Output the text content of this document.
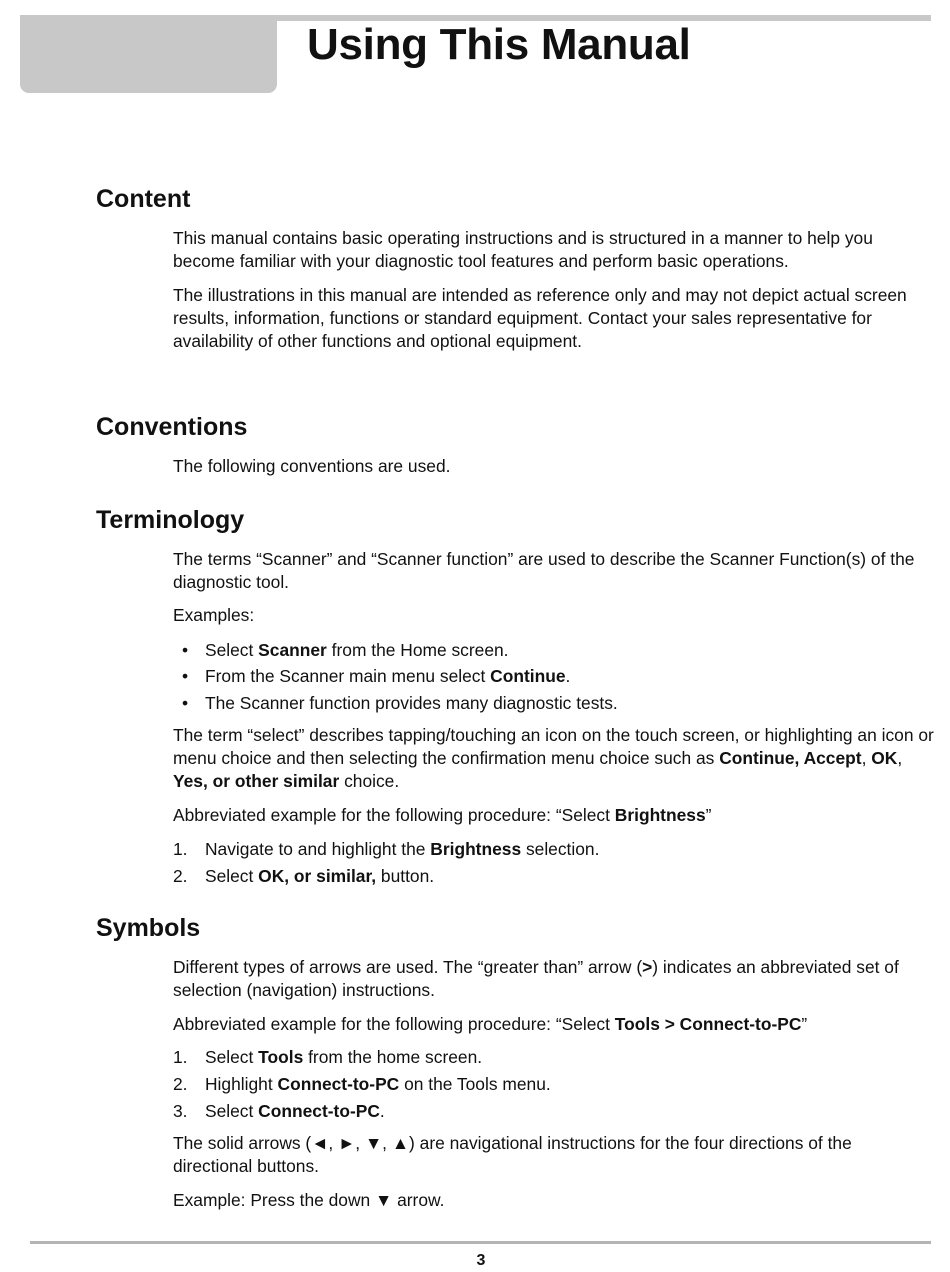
Using This Manual
Content

This manual contains basic operating instructions and is structured in a manner to help you become familiar with your diagnostic tool features and perform basic operations.

The illustrations in this manual are intended as reference only and may not depict actual screen results, information, functions or standard equipment. Contact your sales representative for availability of other functions and optional equipment.

Conventions

The following conventions are used.

Terminology

The terms “Scanner” and “Scanner function” are used to describe the Scanner Function(s) of the diagnostic tool.

Examples:

• Select Scanner from the Home screen.
• From the Scanner main menu select Continue.
• The Scanner function provides many diagnostic tests.

The term “select” describes tapping/touching an icon on the touch screen, or highlighting an icon or menu choice and then selecting the confirmation menu choice such as Continue, Accept, OK, Yes, or other similar choice.

Abbreviated example for the following procedure: “Select Brightness”

1.	Navigate to and highlight the Brightness selection.
2.	Select OK, or similar, button.
Symbols

Different types of arrows are used. The “greater than” arrow (>) indicates an abbreviated set of selection (navigation) instructions.

Abbreviated example for the following procedure: “Select Tools > Connect-to-PC”

1.	Select Tools from the home screen.
2.	Highlight Connect-to-PC on the Tools menu.
3.	Select Connect-to-PC.

The solid arrows (◄, ►, ▼, ▲) are navigational instructions for the four directions of the directional buttons.

Example: Press the down ▼ arrow.

3
